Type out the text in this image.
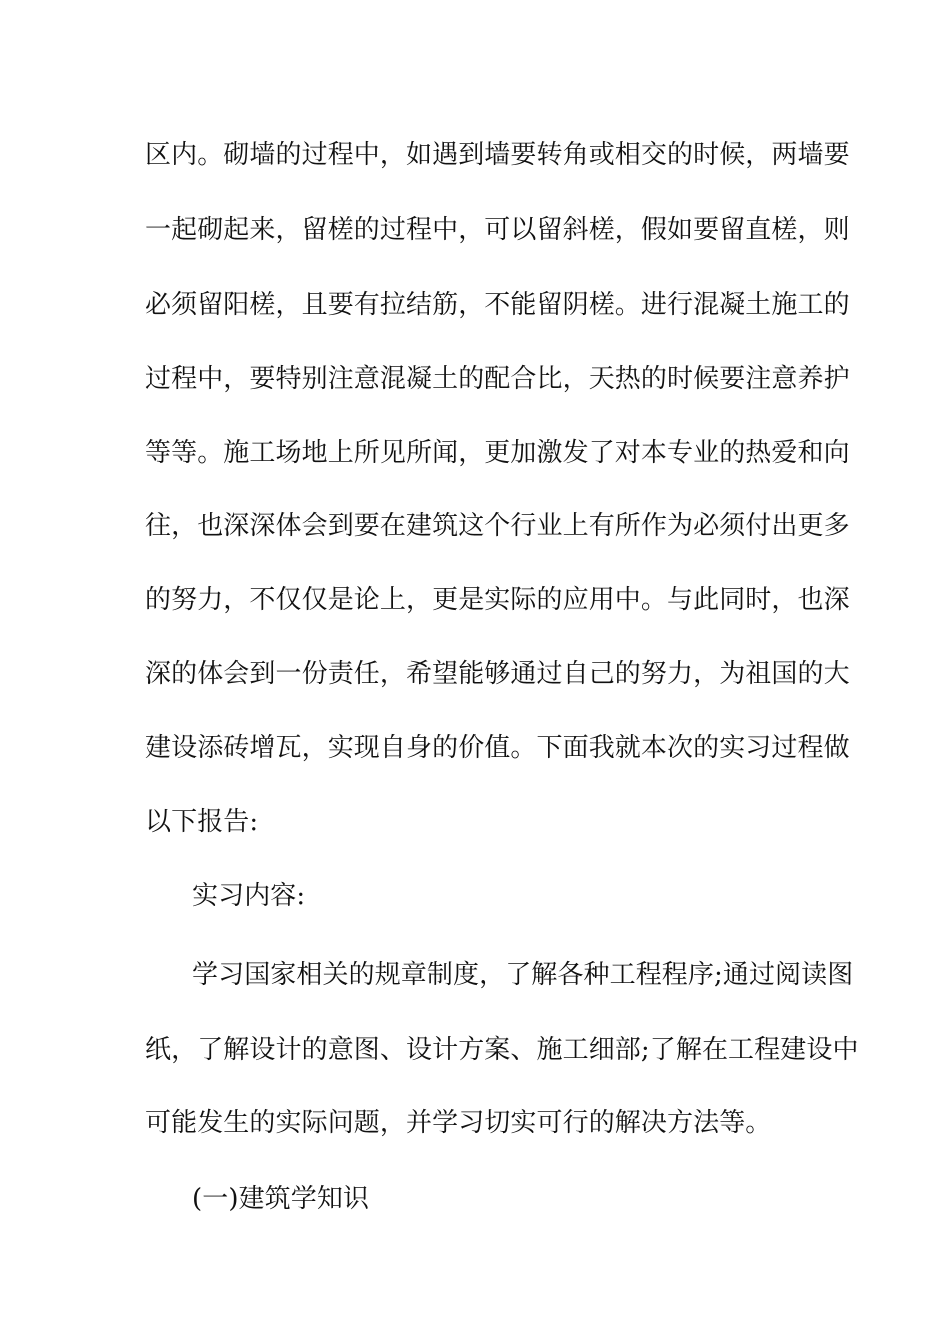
区内。砌墙的过程中，如遇到墙要转角或相交的时候，两墙要
一起砌起来，留槎的过程中，可以留斜槎，假如要留直槎，则
必须留阳槎，且要有拉结筋，不能留阴槎。进行混凝土施工的
过程中，要特别注意混凝土的配合比，天热的时候要注意养护
等等。施工场地上所见所闻，更加激发了对本专业的热爱和向
往，也深深体会到要在建筑这个行业上有所作为必须付出更多
的努力，不仅仅是论上，更是实际的应用中。与此同时，也深
深的体会到一份责任，希望能够通过自己的努力，为祖国的大
建设添砖增瓦，实现自身的价值。下面我就本次的实习过程做
以下报告:
实习内容:
学习国家相关的规章制度，了解各种工程程序;通过阅读图
纸，了解设计的意图、设计方案、施工细部;了解在工程建设中
可能发生的实际问题，并学习切实可行的解决方法等。
(一)建筑学知识
